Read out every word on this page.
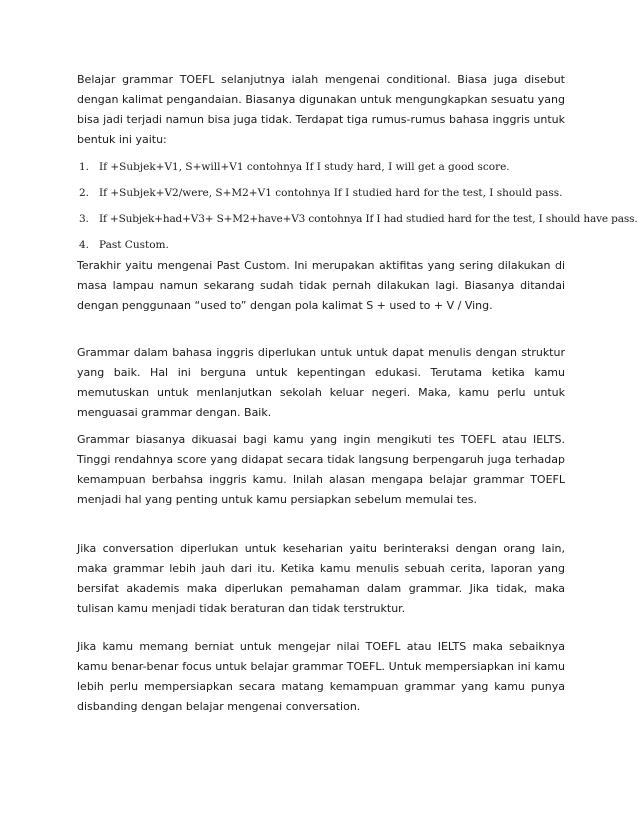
Belajar grammar TOEFL selanjutnya ialah mengenai conditional. Biasa juga disebut dengan kalimat pengandaian. Biasanya digunakan untuk mengungkapkan sesuatu yang bisa jadi terjadi namun bisa juga tidak. Terdapat tiga rumus-rumus bahasa inggris untuk bentuk ini yaitu:

1. If +Subjek+V1, S+will+V1 contohnya If I study hard, I will get a good score.
2. If +Subjek+V2/were, S+M2+V1 contohnya If I studied hard for the test, I should pass.
3. If +Subjek+had+V3+ S+M2+have+V3 contohnya If I had studied hard for the test, I should have pass.
4. Past Custom.

Terakhir yaitu mengenai Past Custom. Ini merupakan aktifitas yang sering dilakukan di masa lampau namun sekarang sudah tidak pernah dilakukan lagi. Biasanya ditandai dengan penggunaan “used to” dengan pola kalimat S + used to + V / Ving.

Grammar dalam bahasa inggris diperlukan untuk untuk dapat menulis dengan struktur yang baik. Hal ini berguna untuk kepentingan edukasi. Terutama ketika kamu memutuskan untuk menlanjutkan sekolah keluar negeri. Maka, kamu perlu untuk menguasai grammar dengan. Baik.

Grammar biasanya dikuasai bagi kamu yang ingin mengikuti tes TOEFL atau IELTS. Tinggi rendahnya score yang didapat secara tidak langsung berpengaruh juga terhadap kemampuan berbahsa inggris kamu. Inilah alasan mengapa belajar grammar TOEFL menjadi hal yang penting untuk kamu persiapkan sebelum memulai tes.

Jika conversation diperlukan untuk keseharian yaitu berinteraksi dengan orang lain, maka grammar lebih jauh dari itu. Ketika kamu menulis sebuah cerita, laporan yang bersifat akademis maka diperlukan pemahaman dalam grammar. Jika tidak, maka tulisan kamu menjadi tidak beraturan dan tidak terstruktur.

Jika kamu memang berniat untuk mengejar nilai TOEFL atau IELTS maka sebaiknya kamu benar-benar focus untuk belajar grammar TOEFL. Untuk mempersiapkan ini kamu lebih perlu mempersiapkan secara matang kemampuan grammar yang kamu punya disbanding dengan belajar mengenai conversation.
